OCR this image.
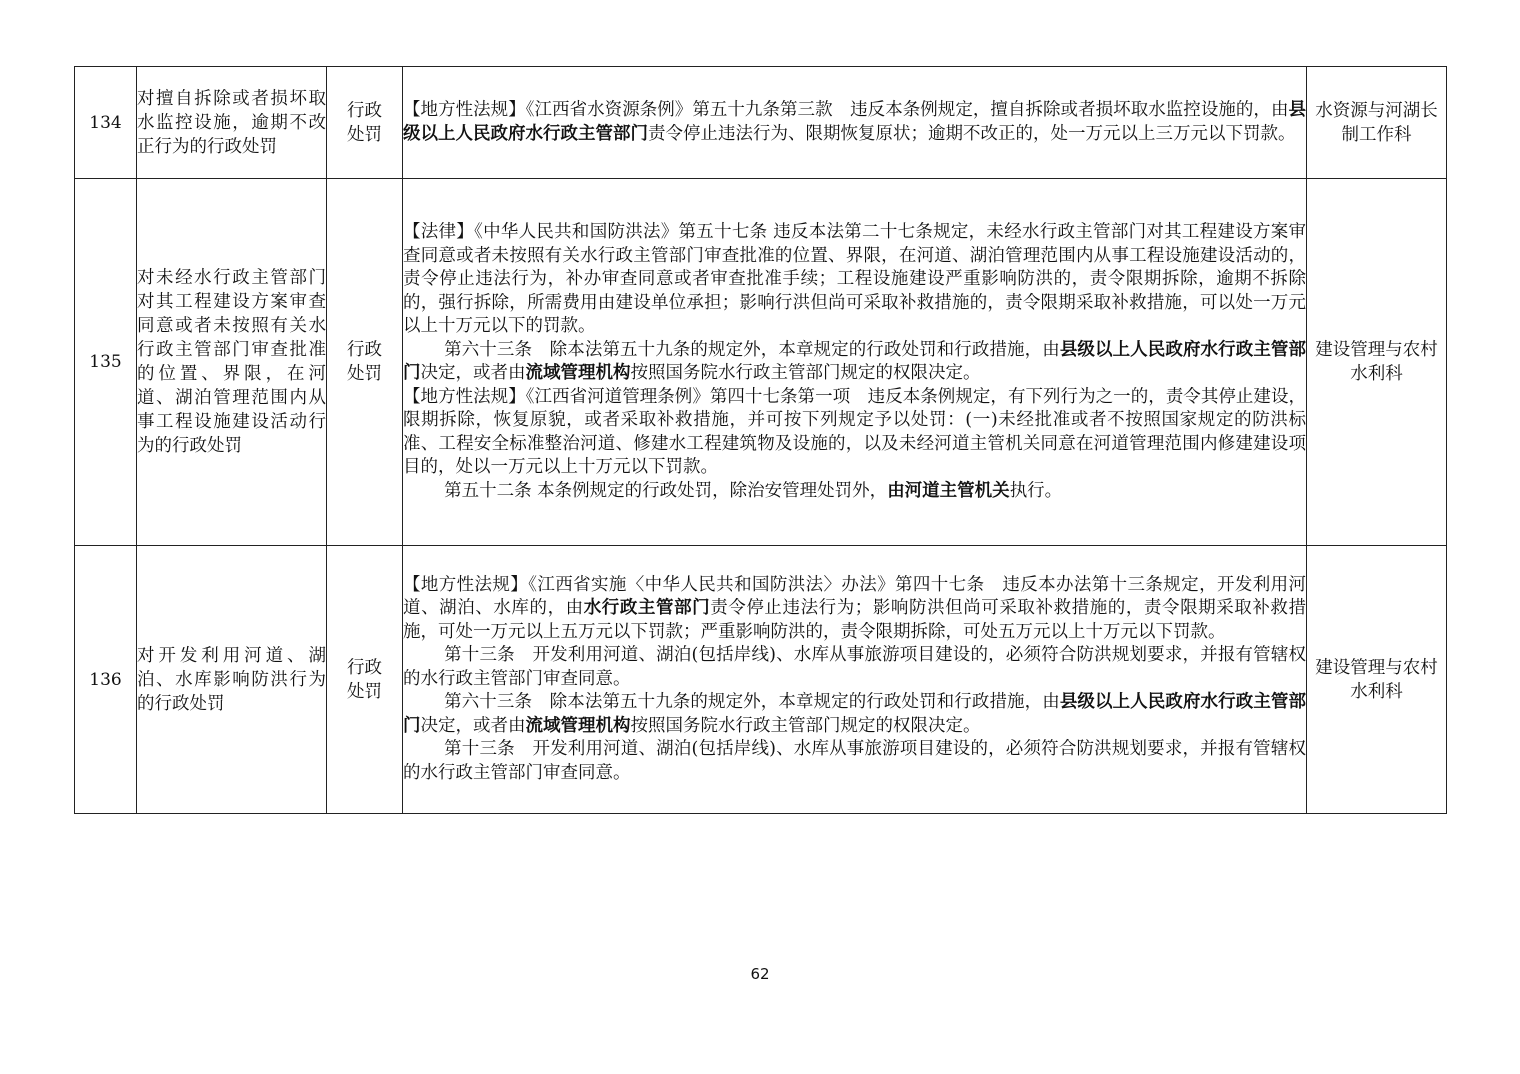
134	对擅自拆除或者损坏取水监控设施，逾期不改正行为的行政处罚	行政处罚	【地方性法规】《江西省水资源条例》第五十九条第三款　违反本条例规定，擅自拆除或者损坏取水监控设施的，由县级以上人民政府水行政主管部门责令停止违法行为、限期恢复原状；逾期不改正的，处一万元以上三万元以下罚款。	水资源与河湖长制工作科
135	对未经水行政主管部门对其工程建设方案审查同意或者未按照有关水行政主管部门审查批准的位置、界限，在河道、湖泊管理范围内从事工程设施建设活动行为的行政处罚	行政处罚	【法律】《中华人民共和国防洪法》第五十七条 违反本法第二十七条规定，未经水行政主管部门对其工程建设方案审查同意或者未按照有关水行政主管部门审查批准的位置、界限，在河道、湖泊管理范围内从事工程设施建设活动的，责令停止违法行为，补办审查同意或者审查批准手续；工程设施建设严重影响防洪的，责令限期拆除，逾期不拆除的，强行拆除，所需费用由建设单位承担；影响行洪但尚可采取补救措施的，责令限期采取补救措施，可以处一万元以上十万元以下的罚款。

第六十三条　除本法第五十九条的规定外，本章规定的行政处罚和行政措施，由县级以上人民政府水行政主管部门决定，或者由流域管理机构按照国务院水行政主管部门规定的权限决定。

【地方性法规】《江西省河道管理条例》第四十七条第一项　违反本条例规定，有下列行为之一的，责令其停止建设，限期拆除，恢复原貌，或者采取补救措施，并可按下列规定予以处罚：(一)未经批准或者不按照国家规定的防洪标准、工程安全标准整治河道、修建水工程建筑物及设施的，以及未经河道主管机关同意在河道管理范围内修建建设项目的，处以一万元以上十万元以下罚款。

第五十二条 本条例规定的行政处罚，除治安管理处罚外，由河道主管机关执行。	建设管理与农村水利科
136	对开发利用河道、湖泊、水库影响防洪行为的行政处罚	行政处罚	【地方性法规】《江西省实施〈中华人民共和国防洪法〉办法》第四十七条　违反本办法第十三条规定，开发利用河道、湖泊、水库的，由水行政主管部门责令停止违法行为；影响防洪但尚可采取补救措施的，责令限期采取补救措施，可处一万元以上五万元以下罚款；严重影响防洪的，责令限期拆除，可处五万元以上十万元以下罚款。

第十三条　开发利用河道、湖泊(包括岸线)、水库从事旅游项目建设的，必须符合防洪规划要求，并报有管辖权的水行政主管部门审查同意。

第六十三条　除本法第五十九条的规定外，本章规定的行政处罚和行政措施，由县级以上人民政府水行政主管部门决定，或者由流域管理机构按照国务院水行政主管部门规定的权限决定。

第十三条　开发利用河道、湖泊(包括岸线)、水库从事旅游项目建设的，必须符合防洪规划要求，并报有管辖权的水行政主管部门审查同意。	建设管理与农村水利科
62
